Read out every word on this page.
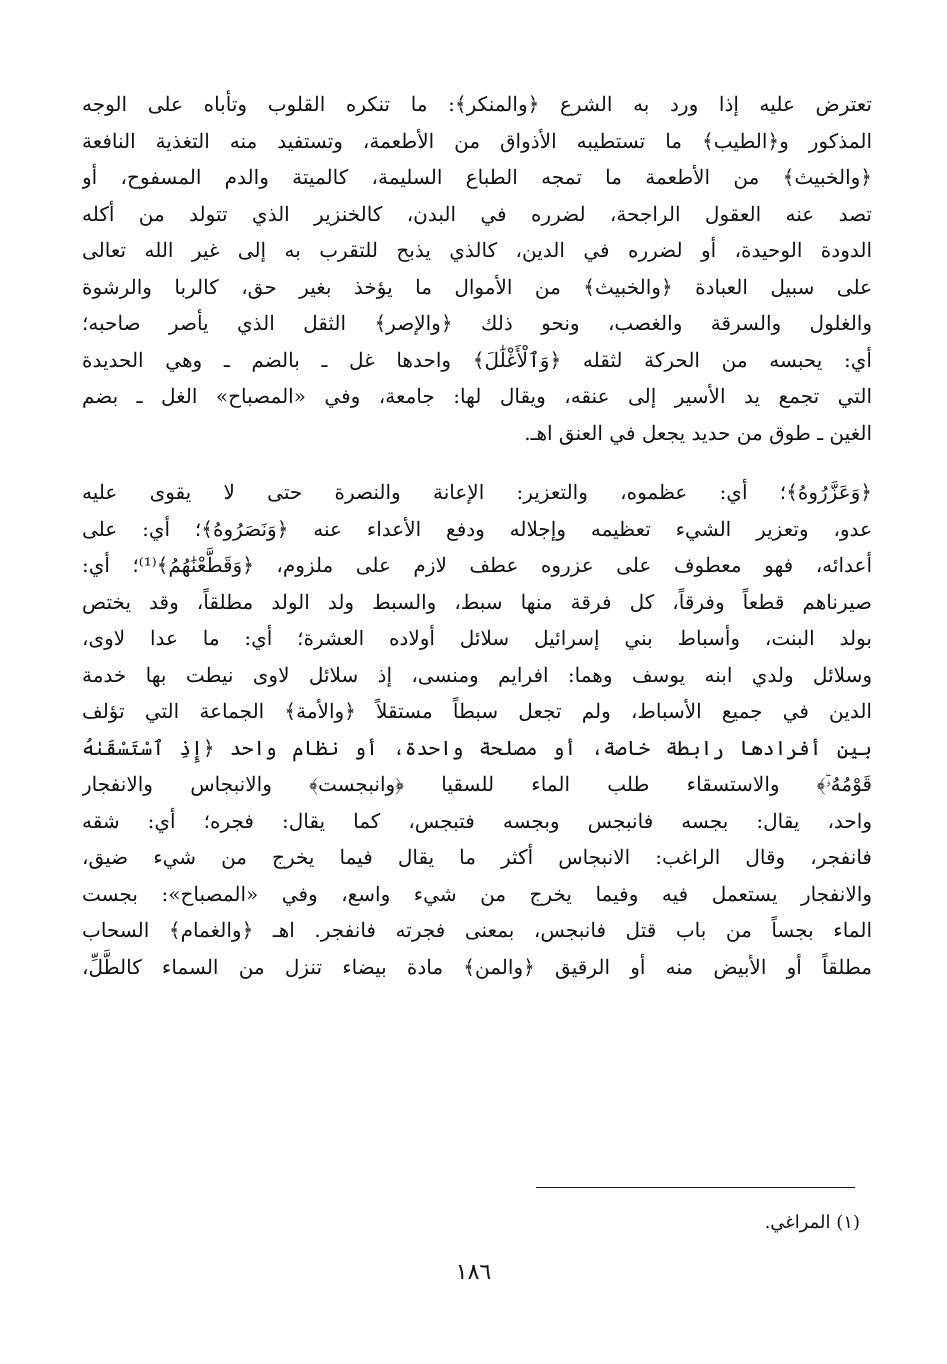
تعترض عليه إذا ورد به الشرع ﴿والمنكر﴾: ما تنكره القلوب وتأباه على الوجه
المذكور و﴿الطيب﴾ ما تستطيبه الأذواق من الأطعمة، وتستفيد منه التغذية النافعة
﴿والخبيث﴾ من الأطعمة ما تمجه الطباع السليمة، كالميتة والدم المسفوح، أو
تصد عنه العقول الراجحة، لضرره في البدن، كالخنزير الذي تتولد من أكله
الدودة الوحيدة، أو لضرره في الدين، كالذي يذبح للتقرب به إلى غير الله تعالى
على سبيل العبادة ﴿والخبيث﴾ من الأموال ما يؤخذ بغير حق، كالربا والرشوة
والغلول والسرقة والغصب، ونحو ذلك ﴿والإصر﴾ الثقل الذي يأصر صاحبه؛
أي: يحبسه من الحركة لثقله ﴿وَٱلْأَغْلَٰلَ﴾ واحدها غل ـ بالضم ـ وهي الحديدة
التي تجمع يد الأسير إلى عنقه، ويقال لها: جامعة، وفي «المصباح» الغل ـ بضم
الغين ـ طوق من حديد يجعل في العنق اهـ.
﴿وَعَزَّرُوهُ﴾؛ أي: عظموه، والتعزير: الإعانة والنصرة حتى لا يقوى عليه
عدو، وتعزير الشيء تعظيمه وإجلاله ودفع الأعداء عنه ﴿وَنَصَرُوهُ﴾؛ أي: على
أعدائه، فهو معطوف على عزروه عطف لازم على ملزوم، ﴿وَقَطَّعْنَٰهُمُ﴾⁽¹⁾؛ أي:
صيرناهم قطعاً وفرقاً، كل فرقة منها سبط، والسبط ولد الولد مطلقاً، وقد يختص
بولد البنت، وأسباط بني إسرائيل سلائل أولاده العشرة؛ أي: ما عدا لاوى،
وسلائل ولدي ابنه يوسف وهما: افرايم ومنسى، إذ سلائل لاوى نيطت بها خدمة
الدين في جميع الأسباط، ولم تجعل سبطاً مستقلاً ﴿والأمة﴾ الجماعة التي تؤلف
بين أفرادها رابطة خاصة، أو مصلحة واحدة، أو نظام واحد ﴿إِذِ ٱسْتَسْقَىٰهُ
قَوْمُهُۥٓ﴾ والاستسقاء طلب الماء للسقيا ﴿وانبجست﴾ والانبجاس والانفجار
واحد، يقال: بجسه فانبجس وبجسه فتبجس، كما يقال: فجره؛ أي: شقه
فانفجر، وقال الراغب: الانبجاس أكثر ما يقال فيما يخرج من شيء ضيق،
والانفجار يستعمل فيه وفيما يخرج من شيء واسع، وفي «المصباح»: بجست
الماء بجساً من باب قتل فانبجس، بمعنى فجرته فانفجر. اهـ ﴿والغمام﴾ السحاب
مطلقاً أو الأبيض منه أو الرقيق ﴿والمن﴾ مادة بيضاء تنزل من السماء كالطَّلِّ،
(١) المراغي.
١٨٦
